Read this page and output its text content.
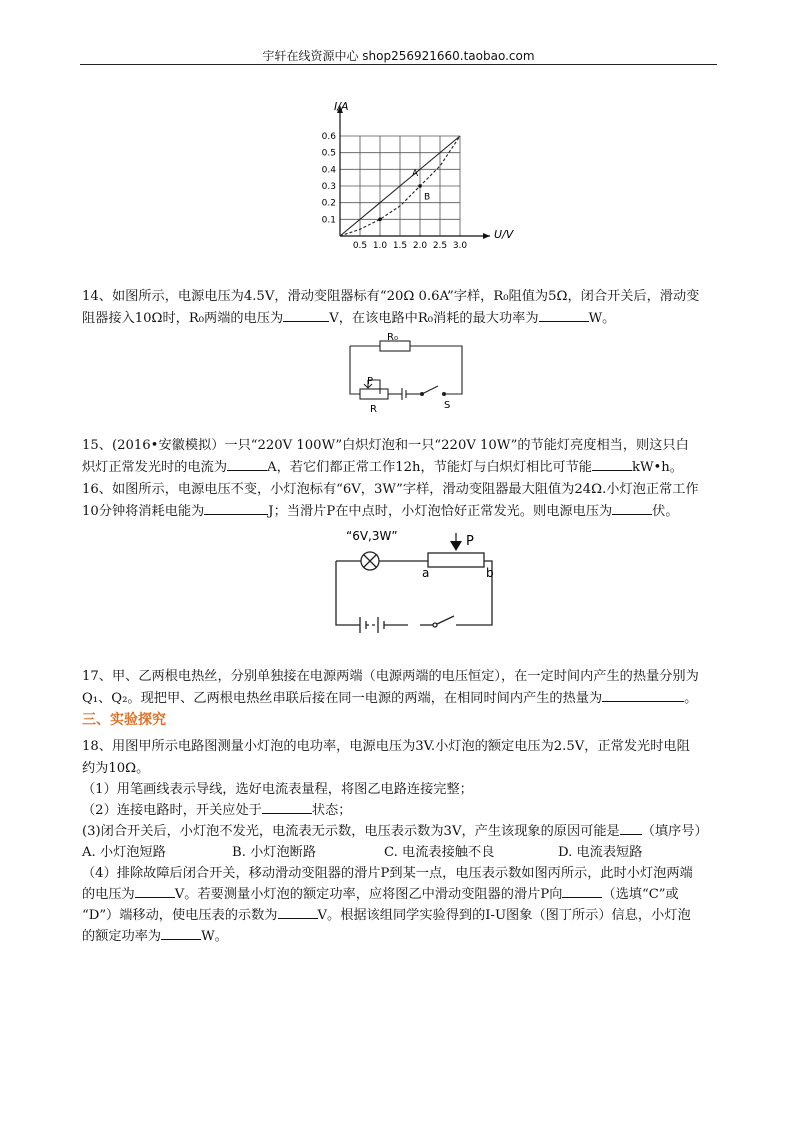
宇轩在线资源中心 shop256921660.taobao.com
0.5 1.0 1.5 2.0 2.5 3.0
0.1
0.2
0.3
0.4
0.5
0.6
I/A
U/V
A
B

14、如图所示，电源电压为4.5V，滑动变阻器标有“20Ω 0.6A”字样，R₀阻值为5Ω，闭合开关后，滑动变

阻器接入10Ω时，R₀两端的电压为	V，在该电路中R₀消耗的最大功率为	W。

R₀
P
R	S

15、(2016•安徽模拟）一只“220V 100W”白炽灯泡和一只“220V 10W”的节能灯亮度相当，则这只白

炽灯正常发光时的电流为	A，若它们都正常工作12h，节能灯与白炽灯相比可节能	kW•h。

16、如图所示，电源电压不变，小灯泡标有“6V，3W”字样，滑动变阻器最大阻值为24Ω.小灯泡正常工作

10分钟将消耗电能为	J；当滑片P在中点时，小灯泡恰好正常发光。则电源电压为	伏。

“6V,3W”	P
a	b

17、甲、乙两根电热丝，分别单独接在电源两端（电源两端的电压恒定），在一定时间内产生的热量分别为

Q₁、Q₂。现把甲、乙两根电热丝串联后接在同一电源的两端，在相同时间内产生的热量为	。

三、实验探究

18、用图甲所示电路图测量小灯泡的电功率，电源电压为3V.小灯泡的额定电压为2.5V，正常发光时电阻

约为10Ω。

（1）用笔画线表示导线，选好电流表量程，将图乙电路连接完整；

（2）连接电路时，开关应处于	状态；

(3)闭合开关后，小灯泡不发光，电流表无示数，电压表示数为3V，产生该现象的原因可能是 （填序号）

A. 小灯泡短路	B. 小灯泡断路	C. 电流表接触不良	D. 电流表短路

（4）排除故障后闭合开关，移动滑动变阻器的滑片P到某一点，电压表示数如图丙所示，此时小灯泡两端

的电压为	V。若要测量小灯泡的额定功率，应将图乙中滑动变阻器的滑片P向	（选填“C”或

“D”）端移动，使电压表的示数为	V。根据该组同学实验得到的I-U图象（图丁所示）信息，小灯泡

的额定功率为	W。
